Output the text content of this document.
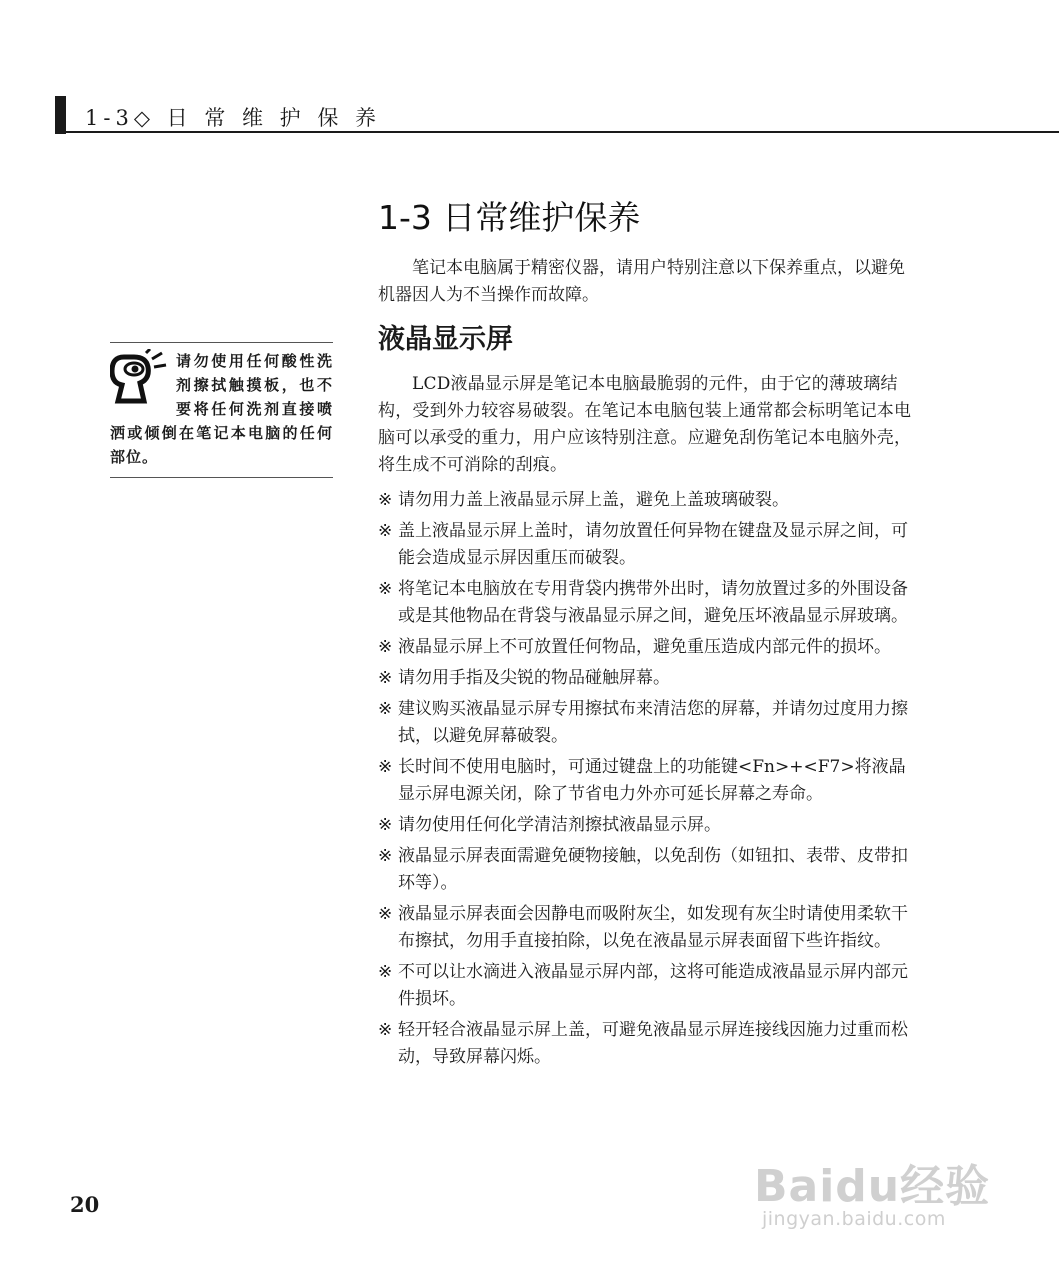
1-3◇ 日 常 维 护 保 养
1-3 日常维护保养

请勿使用任何酸性洗剂擦拭触摸板，也不要将任何洗剂直接喷洒或倾倒在笔记本电脑的任何部位。

笔记本电脑属于精密仪器，请用户特别注意以下保养重点，以避免机器因人为不当操作而故障。

液晶显示屏

LCD液晶显示屏是笔记本电脑最脆弱的元件，由于它的薄玻璃结构，受到外力较容易破裂。在笔记本电脑包装上通常都会标明笔记本电脑可以承受的重力，用户应该特别注意。应避免刮伤笔记本电脑外壳，将生成不可消除的刮痕。

※ 请勿用力盖上液晶显示屏上盖，避免上盖玻璃破裂。
※ 盖上液晶显示屏上盖时，请勿放置任何异物在键盘及显示屏之间，可能会造成显示屏因重压而破裂。
※ 将笔记本电脑放在专用背袋内携带外出时，请勿放置过多的外围设备或是其他物品在背袋与液晶显示屏之间，避免压坏液晶显示屏玻璃。
※ 液晶显示屏上不可放置任何物品，避免重压造成内部元件的损坏。
※ 请勿用手指及尖锐的物品碰触屏幕。
※ 建议购买液晶显示屏专用擦拭布来清洁您的屏幕，并请勿过度用力擦拭，以避免屏幕破裂。
※ 长时间不使用电脑时，可通过键盘上的功能键<Fn>+<F7>将液晶显示屏电源关闭，除了节省电力外亦可延长屏幕之寿命。
※ 请勿使用任何化学清洁剂擦拭液晶显示屏。
※ 液晶显示屏表面需避免硬物接触，以免刮伤（如钮扣、表带、皮带扣环等）。
※ 液晶显示屏表面会因静电而吸附灰尘，如发现有灰尘时请使用柔软干布擦拭，勿用手直接拍除，以免在液晶显示屏表面留下些许指纹。
※ 不可以让水滴进入液晶显示屏内部，这将可能造成液晶显示屏内部元件损坏。
※ 轻开轻合液晶显示屏上盖，可避免液晶显示屏连接线因施力过重而松动，导致屏幕闪烁。
20	Baidu经验
jingyan.baidu.com
